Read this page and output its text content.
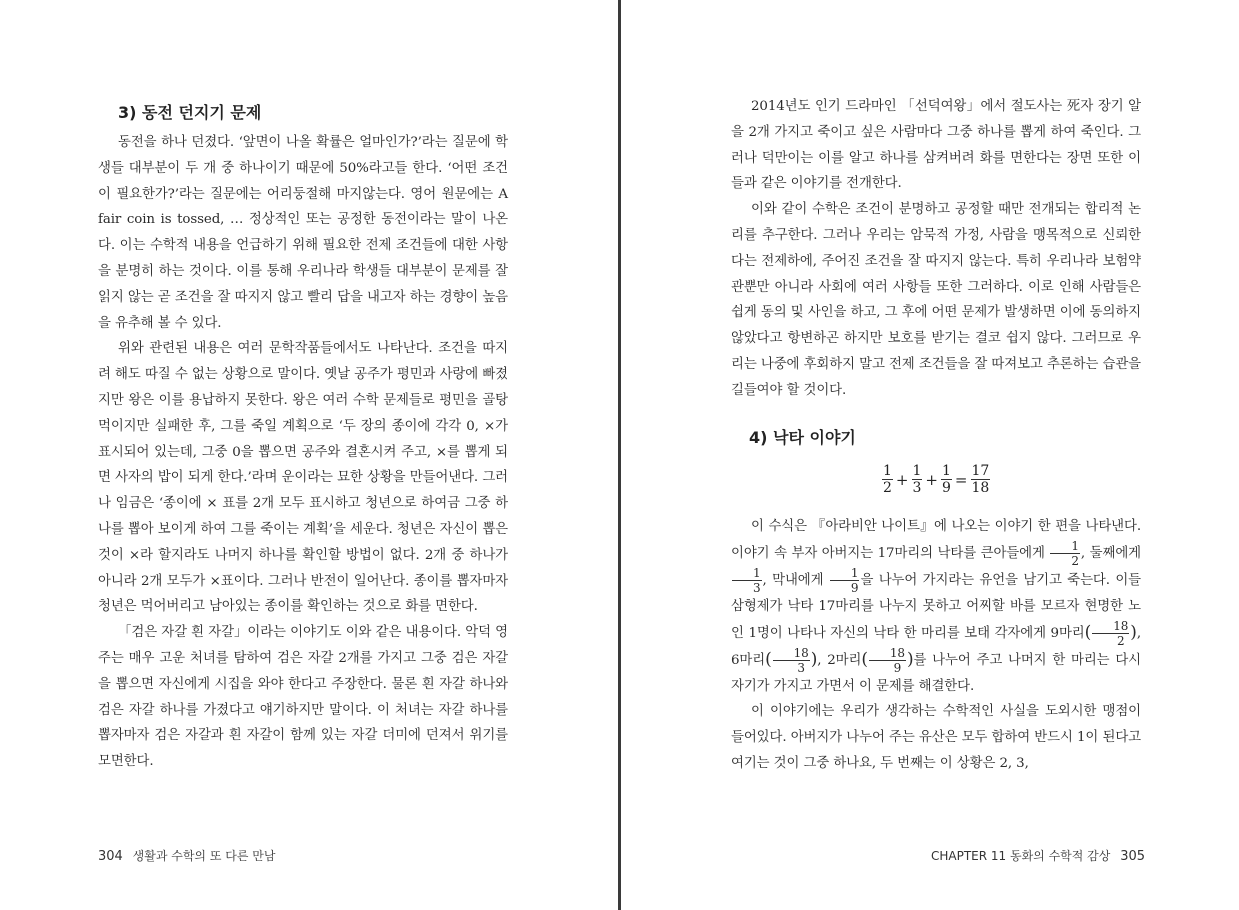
3) 동전 던지기 문제

동전을 하나 던졌다. ‘앞면이 나올 확률은 얼마인가?’라는 질문에 학생들 대부분이 두 개 중 하나이기 때문에 50%라고들 한다. ‘어떤 조건이 필요한가?’라는 질문에는 어리둥절해 마지않는다. 영어 원문에는 A fair coin is tossed, … 정상적인 또는 공정한 동전이라는 말이 나온다. 이는 수학적 내용을 언급하기 위해 필요한 전제 조건들에 대한 사항을 분명히 하는 것이다. 이를 통해 우리나라 학생들 대부분이 문제를 잘 읽지 않는 곧 조건을 잘 따지지 않고 빨리 답을 내고자 하는 경향이 높음을 유추해 볼 수 있다.

위와 관련된 내용은 여러 문학작품들에서도 나타난다. 조건을 따지려 해도 따질 수 없는 상황으로 말이다. 옛날 공주가 평민과 사랑에 빠졌지만 왕은 이를 용납하지 못한다. 왕은 여러 수학 문제들로 평민을 골탕 먹이지만 실패한 후, 그를 죽일 계획으로 ‘두 장의 종이에 각각 0, ×가 표시되어 있는데, 그중 0을 뽑으면 공주와 결혼시켜 주고, ×를 뽑게 되면 사자의 밥이 되게 한다.’라며 운이라는 묘한 상황을 만들어낸다. 그러나 임금은 ‘종이에 × 표를 2개 모두 표시하고 청년으로 하여금 그중 하나를 뽑아 보이게 하여 그를 죽이는 계획’을 세운다. 청년은 자신이 뽑은 것이 ×라 할지라도 나머지 하나를 확인할 방법이 없다. 2개 중 하나가 아니라 2개 모두가 ×표이다. 그러나 반전이 일어난다. 종이를 뽑자마자 청년은 먹어버리고 남아있는 종이를 확인하는 것으로 화를 면한다.

「검은 자갈 흰 자갈」이라는 이야기도 이와 같은 내용이다. 악덕 영주는 매우 고운 처녀를 탐하여 검은 자갈 2개를 가지고 그중 검은 자갈을 뽑으면 자신에게 시집을 와야 한다고 주장한다. 물론 흰 자갈 하나와 검은 자갈 하나를 가졌다고 얘기하지만 말이다. 이 처녀는 자갈 하나를 뽑자마자 검은 자갈과 흰 자갈이 함께 있는 자갈 더미에 던져서 위기를 모면한다.

304 생활과 수학의 또 다른 만남

2014년도 인기 드라마인 「선덕여왕」에서 절도사는 死자 장기 알을 2개 가지고 죽이고 싶은 사람마다 그중 하나를 뽑게 하여 죽인다. 그러나 덕만이는 이를 알고 하나를 삼켜버려 화를 면한다는 장면 또한 이들과 같은 이야기를 전개한다.

이와 같이 수학은 조건이 분명하고 공정할 때만 전개되는 합리적 논리를 추구한다. 그러나 우리는 암묵적 가정, 사람을 맹목적으로 신뢰한다는 전제하에, 주어진 조건을 잘 따지지 않는다. 특히 우리나라 보험약관뿐만 아니라 사회에 여러 사항들 또한 그러하다. 이로 인해 사람들은 쉽게 동의 및 사인을 하고, 그 후에 어떤 문제가 발생하면 이에 동의하지 않았다고 항변하곤 하지만 보호를 받기는 결코 쉽지 않다. 그러므로 우리는 나중에 후회하지 말고 전제 조건들을 잘 따져보고 추론하는 습관을 길들여야 할 것이다.

4) 낙타 이야기
$\frac{1}{2} + \frac{1}{3} + \frac{1}{9} = \frac{17}{18}$

이 수식은 『아라비안 나이트』에 나오는 이야기 한 편을 나타낸다. 이야기 속 부자 아버지는 17마리의 낙타를 큰아들에게 $\frac{1}{2}$ , 둘째에게
$\frac{1}{3}$ , 막내에게 $\frac{1}{9}$ 을 나누어 가지라는 유언을 남기고 죽는다. 이들 삼형제가 낙타 17마리를 나누지 못하고 어찌할 바를 모르자 현명한 노인 1명이 나타나 자신의 낙타 한 마리를 보태 각자에게 9마리( $\frac{18}{2}$ ), 6마리( $\frac{18}{3}$ ), 2마리( $\frac{18}{9}$ )를 나누어 주고 나머지 한 마리는 다시 자기가 가지고 가면서 이 문제를 해결한다.

이 이야기에는 우리가 생각하는 수학적인 사실을 도외시한 맹점이 들어있다. 아버지가 나누어 주는 유산은 모두 합하여 반드시 1이 된다고 여기는 것이 그중 하나요, 두 번째는 이 상황은 2, 3,

CHAPTER 11 동화의 수학적 감상 305
